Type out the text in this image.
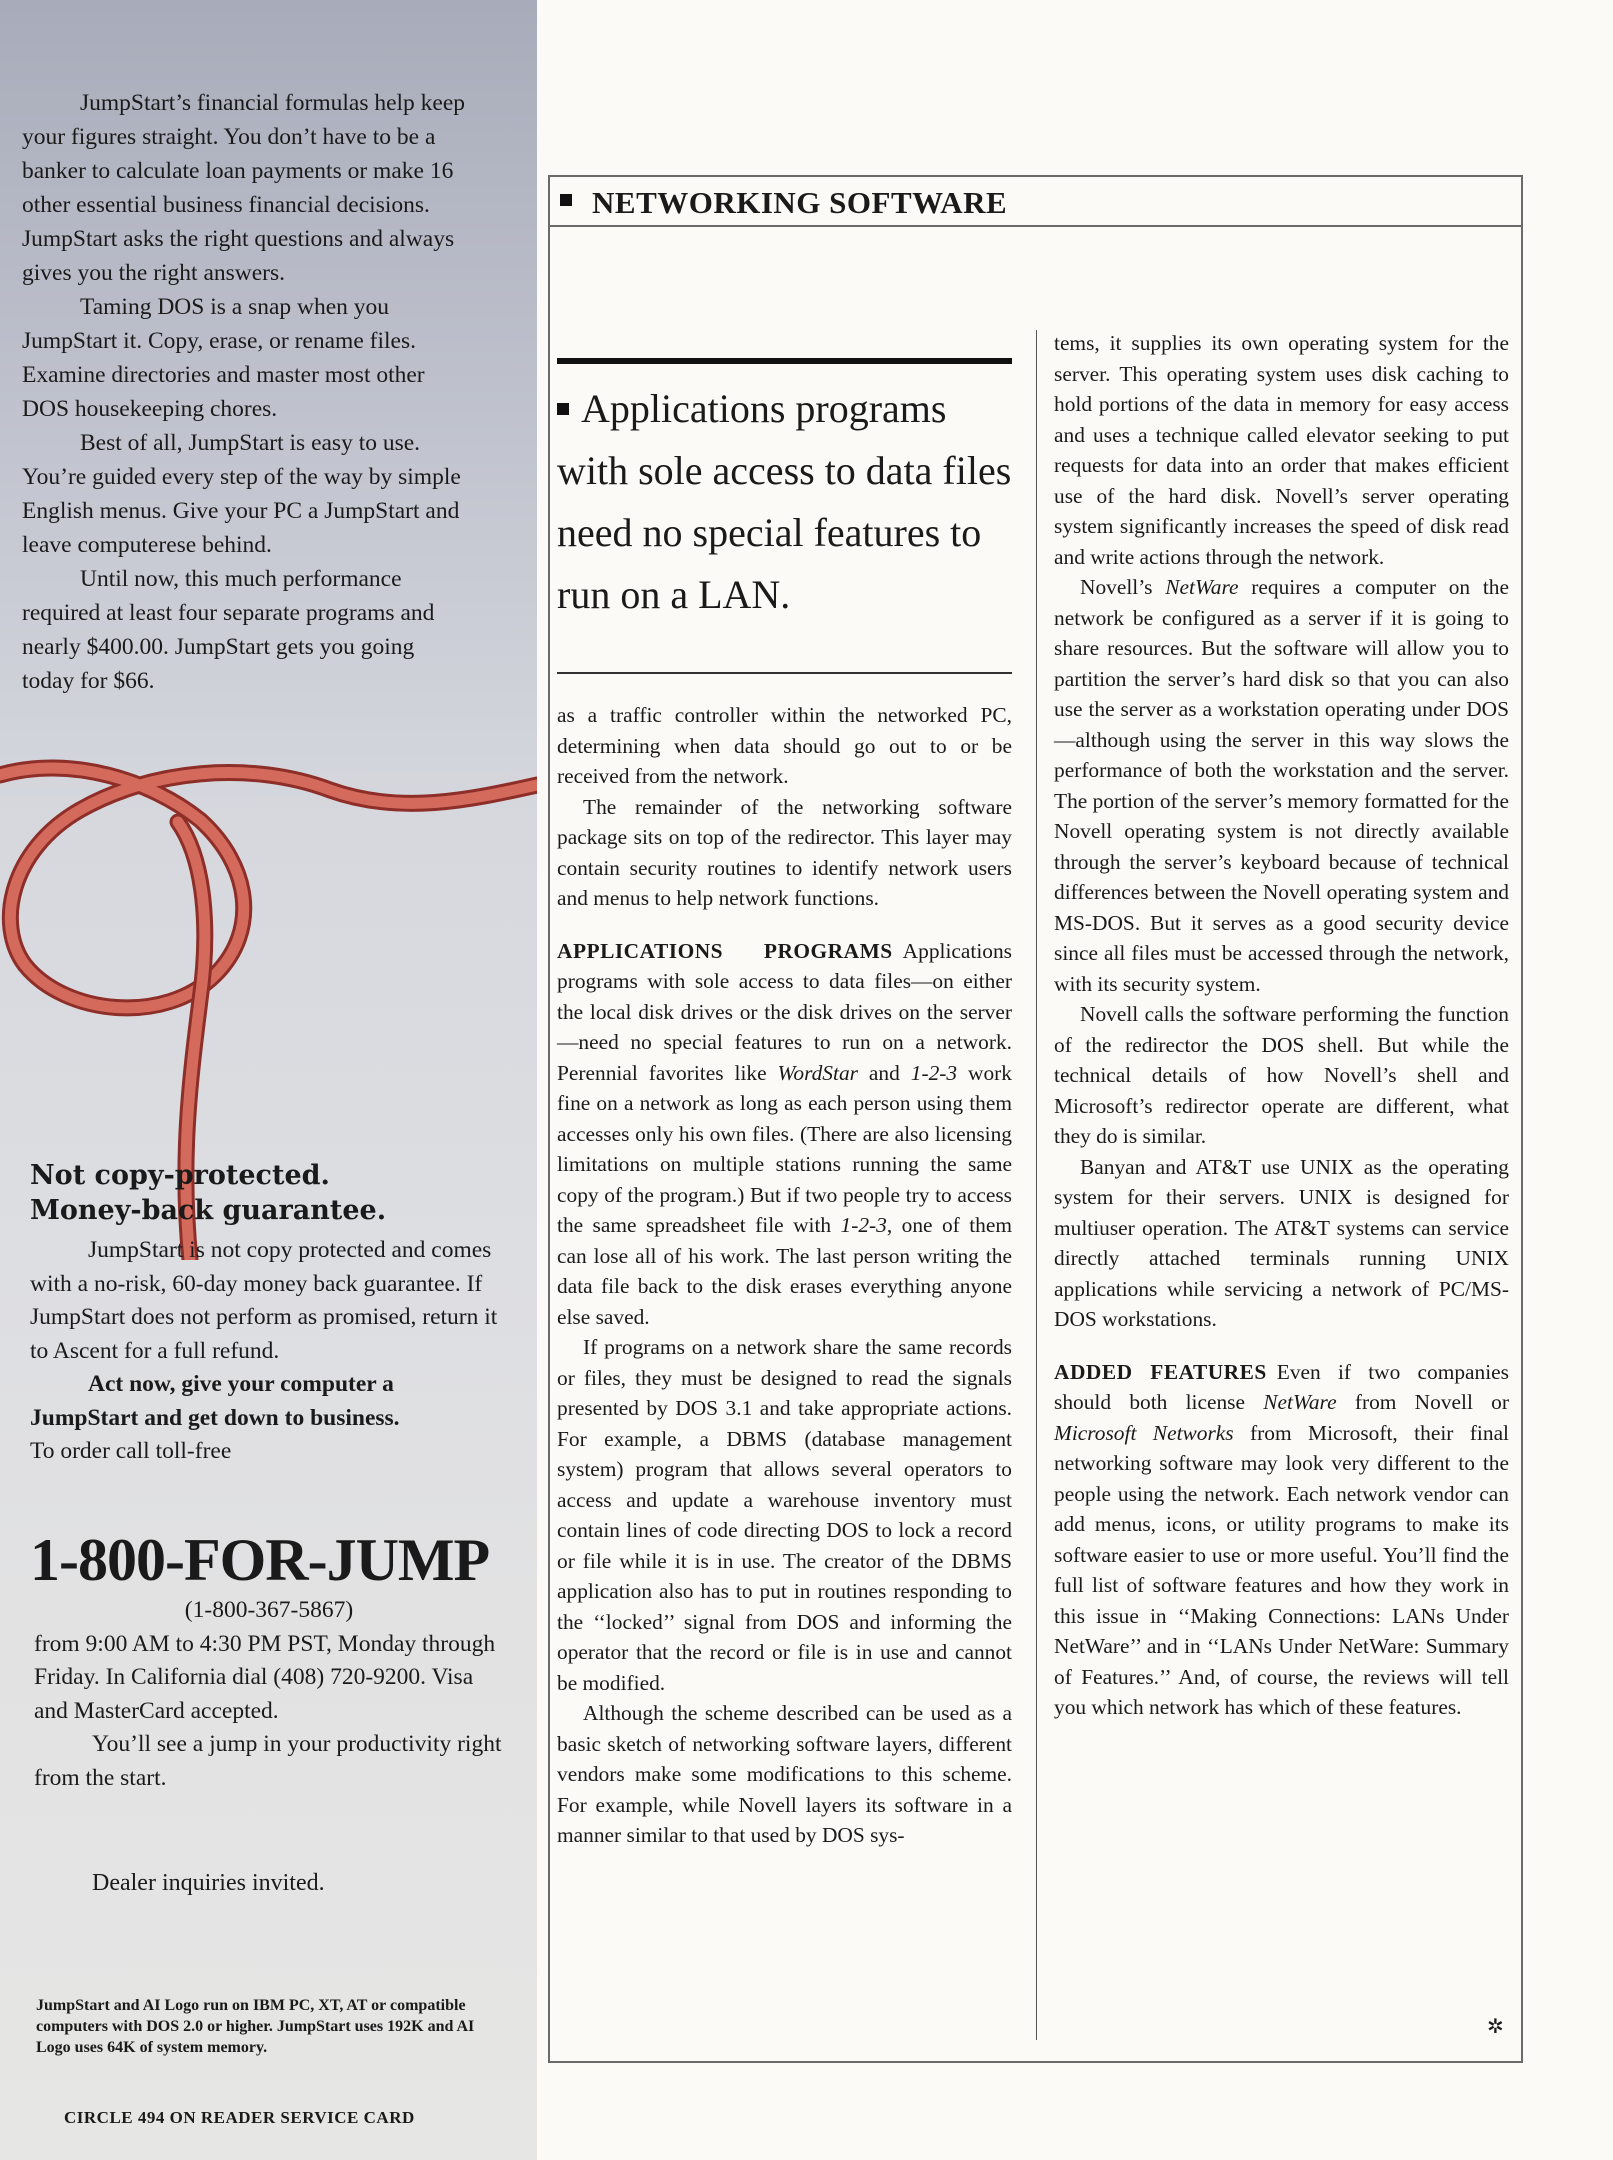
JumpStart’s financial formulas help keep your figures straight. You don’t have to be a banker to calculate loan payments or make 16 other essential business financial decisions. JumpStart asks the right questions and always gives you the right answers.

Taming DOS is a snap when you JumpStart it. Copy, erase, or rename files. Examine directories and master most other DOS housekeeping chores.

Best of all, JumpStart is easy to use. You’re guided every step of the way by simple English menus. Give your PC a JumpStart and leave computerese behind.

Until now, this much performance required at least four separate programs and nearly $400.00. JumpStart gets you going today for $66.

Not copy-protected.
Money-back guarantee.

JumpStart is not copy protected and comes with a no-risk, 60-day money back guarantee. If JumpStart does not perform as promised, return it to Ascent for a full refund.

Act now, give your computer a JumpStart and get down to business.

To order call toll-free

1-800-FOR-JUMP

(1-800-367-5867)

from 9:00 AM to 4:30 PM PST, Monday through Friday. In California dial (408) 720-9200. Visa and MasterCard accepted.

You’ll see a jump in your productivity right from the start.

Dealer inquiries invited.
JumpStart and AI Logo run on IBM PC, XT, AT or compatible computers with DOS 2.0 or higher. JumpStart uses 192K and AI Logo uses 64K of system memory.
CIRCLE 494 ON READER SERVICE CARD
NETWORKING SOFTWARE
Applications programs with sole access to data files need no special features to run on a LAN.

as a traffic controller within the networked PC, determining when data should go out to or be received from the network.

The remainder of the networking software package sits on top of the redirector. This layer may contain security routines to identify network users and menus to help network functions.

APPLICATIONS PROGRAMS Applications programs with sole access to data files—on either the local disk drives or the disk drives on the server—need no special features to run on a network. Perennial favorites like WordStar and 1-2-3 work fine on a network as long as each person using them accesses only his own files. (There are also licensing limitations on multiple stations running the same copy of the program.) But if two people try to access the same spreadsheet file with 1-2-3, one of them can lose all of his work. The last person writing the data file back to the disk erases everything anyone else saved.

If programs on a network share the same records or files, they must be designed to read the signals presented by DOS 3.1 and take appropriate actions. For example, a DBMS (database management system) program that allows several operators to access and update a warehouse inventory must contain lines of code directing DOS to lock a record or file while it is in use. The creator of the DBMS application also has to put in routines responding to the ‘‘locked’’ signal from DOS and informing the operator that the record or file is in use and cannot be modified.

Although the scheme described can be used as a basic sketch of networking software layers, different vendors make some modifications to this scheme. For example, while Novell layers its software in a manner similar to that used by DOS sys-

tems, it supplies its own operating system for the server. This operating system uses disk caching to hold portions of the data in memory for easy access and uses a technique called elevator seeking to put requests for data into an order that makes efficient use of the hard disk. Novell’s server operating system significantly increases the speed of disk read and write actions through the network.

Novell’s NetWare requires a computer on the network be configured as a server if it is going to share resources. But the software will allow you to partition the server’s hard disk so that you can also use the server as a workstation operating under DOS—although using the server in this way slows the performance of both the workstation and the server. The portion of the server’s memory formatted for the Novell operating system is not directly available through the server’s keyboard because of technical differences between the Novell operating system and MS-DOS. But it serves as a good security device since all files must be accessed through the network, with its security system.

Novell calls the software performing the function of the redirector the DOS shell. But while the technical details of how Novell’s shell and Microsoft’s redirector operate are different, what they do is similar.

Banyan and AT&T use UNIX as the operating system for their servers. UNIX is designed for multiuser operation. The AT&T systems can service directly attached terminals running UNIX applications while servicing a network of PC/MS-DOS workstations.

ADDED FEATURES Even if two companies should both license NetWare from Novell or Microsoft Networks from Microsoft, their final networking software may look very different to the people using the network. Each network vendor can add menus, icons, or utility programs to make its software easier to use or more useful. You’ll find the full list of software features and how they work in this issue in ‘‘Making Connections: LANs Under NetWare’’ and in ‘‘LANs Under NetWare: Summary of Features.’’ And, of course, the reviews will tell you which network has which of these features.

✲
